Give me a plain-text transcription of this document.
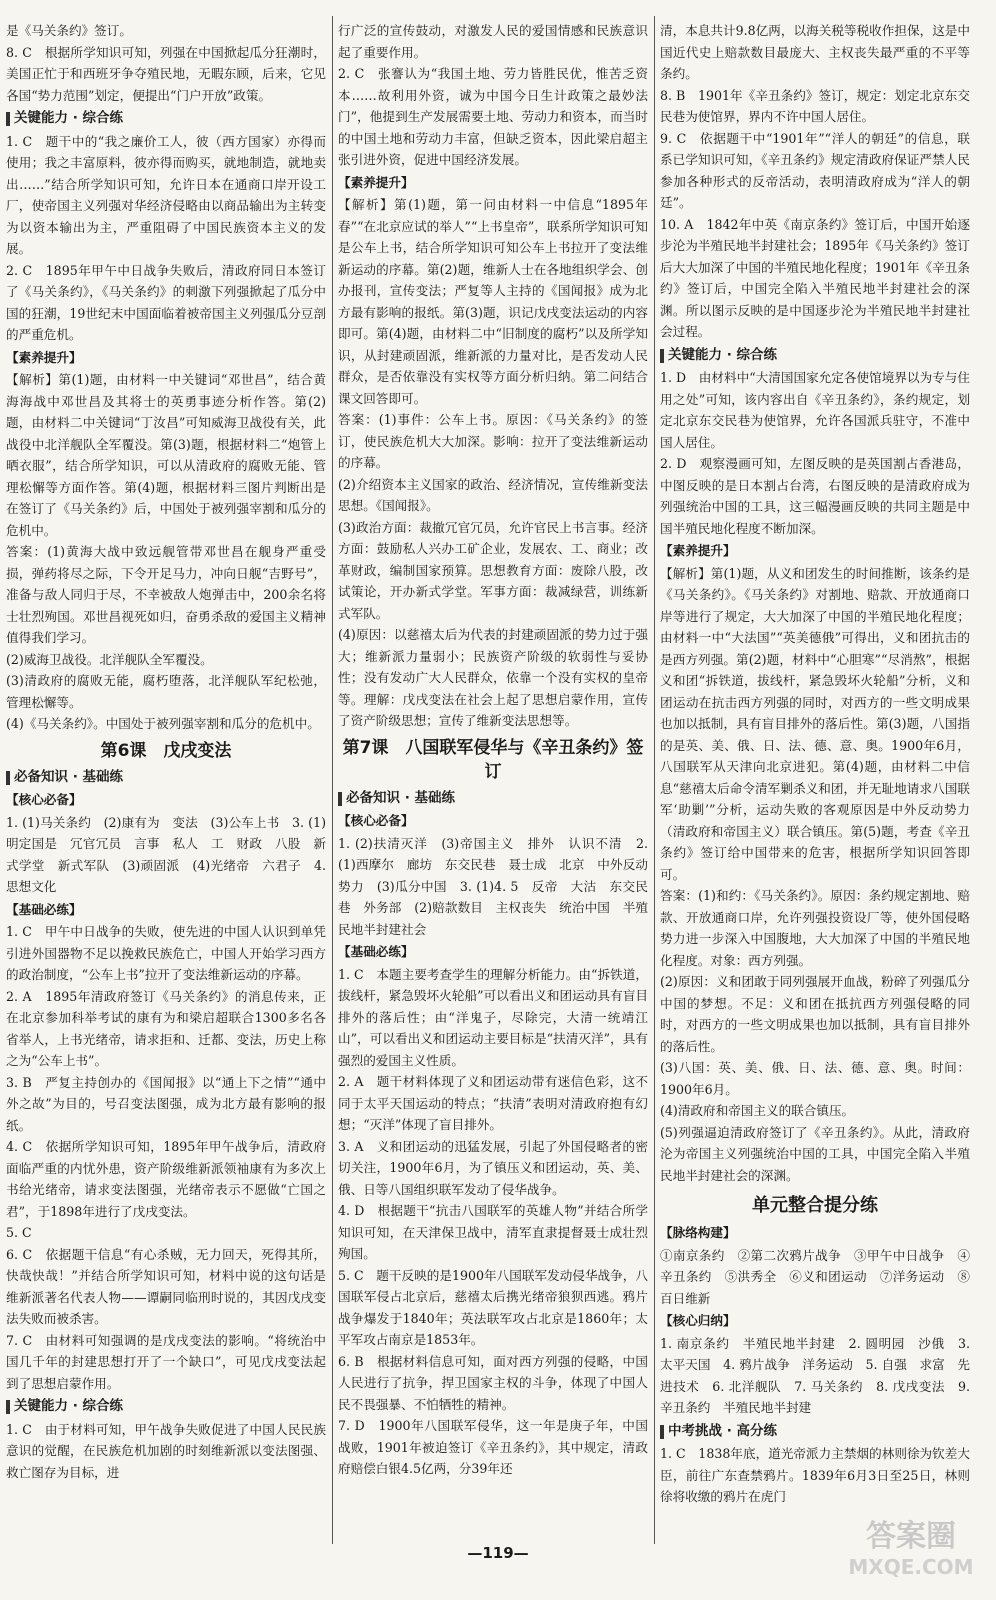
是《马关条约》签订。
8. C　根据所学知识可知，列强在中国掀起瓜分狂潮时，美国正忙于和西班牙争夺殖民地，无暇东顾，后来，它见各国“势力范围”划定，便提出“门户开放”政策。
关键能力 · 综合练
1. C　题干中的“我之廉价工人，彼（西方国家）亦得而使用；我之丰富原料，彼亦得而购买，就地制造，就地卖出……”结合所学知识可知，允许日本在通商口岸开设工厂，使帝国主义列强对华经济侵略由以商品输出为主转变为以资本输出为主，严重阻碍了中国民族资本主义的发展。
2. C　1895年甲午中日战争失败后，清政府同日本签订了《马关条约》，《马关条约》的刺激下列强掀起了瓜分中国的狂潮，19世纪末中国面临着被帝国主义列强瓜分豆剖的严重危机。
【素养提升】
【解析】第(1)题，由材料一中关键词“邓世昌”，结合黄海海战中邓世昌及其将士的英勇事迹分析作答。第(2)题，由材料二中关键词“丁汝昌”可知威海卫战役有关，此战役中北洋舰队全军覆没。第(3)题，根据材料二“炮管上晒衣服”，结合所学知识，可以从清政府的腐败无能、管理松懈等方面作答。第(4)题，根据材料三图片判断出是在签订了《马关条约》后，中国处于被列强宰割和瓜分的危机中。
答案：(1)黄海大战中致远舰管带邓世昌在舰身严重受损，弹药将尽之际，下令开足马力，冲向日舰“吉野号”，准备与敌人同归于尽，不幸被敌人炮弹击中，200余名将士壮烈殉国。邓世昌视死如归，奋勇杀敌的爱国主义精神值得我们学习。
(2)威海卫战役。北洋舰队全军覆没。
(3)清政府的腐败无能，腐朽堕落，北洋舰队军纪松弛，管理松懈等。
(4)《马关条约》。中国处于被列强宰割和瓜分的危机中。
第6课　戊戌变法
必备知识 · 基础练
【核心必备】
1. (1)马关条约　(2)康有为　变法　(3)公车上书　3. (1)明定国是　冗官冗员　言事　私人　工　财政　八股　新式学堂　新式军队　(3)顽固派　(4)光绪帝　六君子　4. 思想文化
【基础必练】
1. C　甲午中日战争的失败，使先进的中国人认识到单凭引进外国器物不足以挽救民族危亡，中国人开始学习西方的政治制度，“公车上书”拉开了变法维新运动的序幕。
2. A　1895年清政府签订《马关条约》的消息传来，正在北京参加科举考试的康有为和梁启超联合1300多名各省举人，上书光绪帝，请求拒和、迁都、变法，历史上称之为“公车上书”。
3. B　严复主持创办的《国闻报》以“通上下之情”“通中外之故”为目的，号召变法图强，成为北方最有影响的报纸。
4. C　依据所学知识可知，1895年甲午战争后，清政府面临严重的内忧外患，资产阶级维新派领袖康有为多次上书给光绪帝，请求变法图强，光绪帝表示不愿做“亡国之君”，于1898年进行了戊戌变法。
5. C
6. C　依据题干信息“有心杀贼，无力回天，死得其所，快哉快哉！”并结合所学知识可知，材料中说的这句话是维新派著名代表人物——谭嗣同临刑时说的，其因戊戌变法失败而被杀害。
7. C　由材料可知强调的是戊戌变法的影响。“将统治中国几千年的封建思想打开了一个缺口”，可见戊戌变法起到了思想启蒙作用。
关键能力 · 综合练
1. C　由于材料可知，甲午战争失败促进了中国人民民族意识的觉醒，在民族危机加剧的时刻维新派以变法图强、救亡图存为目标，进
行广泛的宣传鼓动，对激发人民的爱国情感和民族意识起了重要作用。
2. C　张謇认为“我国土地、劳力皆胜民优，惟苦乏资本……故利用外资，诚为中国今日生计政策之最妙法门”，他提到生产发展需要土地、劳动力和资本，而当时的中国土地和劳动力丰富，但缺乏资本，因此梁启超主张引进外资，促进中国经济发展。
【素养提升】
【解析】第(1)题，第一问由材料一中信息“1895年春”“在北京应试的举人”“上书皇帝”，联系所学知识可知是公车上书，结合所学知识可知公车上书拉开了变法维新运动的序幕。第(2)题，维新人士在各地组织学会、创办报刊，宣传变法；严复等人主持的《国闻报》成为北方最有影响的报纸。第(3)题，识记戊戌变法运动的内容即可。第(4)题，由材料二中“旧制度的腐朽”以及所学知识，从封建顽固派，维新派的力量对比，是否发动人民群众，是否依靠没有实权等方面分析归纳。第二问结合课文回答即可。
答案：(1)事件：公车上书。原因：《马关条约》的签订，使民族危机大大加深。影响：拉开了变法维新运动的序幕。
(2)介绍资本主义国家的政治、经济情况，宣传维新变法思想。《国闻报》。
(3)政治方面：裁撤冗官冗员，允许官民上书言事。经济方面：鼓励私人兴办工矿企业，发展农、工、商业；改革财政，编制国家预算。思想教育方面：废除八股，改试策论，开办新式学堂。军事方面：裁减绿营，训练新式军队。
(4)原因：以慈禧太后为代表的封建顽固派的势力过于强大；维新派力量弱小；民族资产阶级的软弱性与妥协性；没有发动广大人民群众，依靠一个没有实权的皇帝等。理解：戊戌变法在社会上起了思想启蒙作用，宣传了资产阶级思想；宣传了维新变法思想等。
第7课　八国联军侵华与《辛丑条约》签订
必备知识 · 基础练
【核心必备】
1. (2)扶清灭洋　(3)帝国主义　排外　认识不清　2. (1)西摩尔　廊坊　东交民巷　聂士成　北京　中外反动势力　(3)瓜分中国　3. (1)4. 5　反帝　大沽　东交民巷　外务部　(2)赔款数目　主权丧失　统治中国　半殖民地半封建社会
【基础必练】
1. C　本题主要考查学生的理解分析能力。由“拆铁道，拔线杆，紧急毁坏火轮船”可以看出义和团运动具有盲目排外的落后性；由“洋鬼子，尽除完，大清一统靖江山”，可以看出义和团运动主要目标是“扶清灭洋”，具有强烈的爱国主义性质。
2. A　题干材料体现了义和团运动带有迷信色彩，这不同于太平天国运动的特点；“扶清”表明对清政府抱有幻想；“灭洋”体现了盲目排外。
3. A　义和团运动的迅猛发展，引起了外国侵略者的密切关注，1900年6月，为了镇压义和团运动，英、美、俄、日等八国组织联军发动了侵华战争。
4. D　根据题干“抗击八国联军的英雄人物”并结合所学知识可知，在天津保卫战中，清军直隶提督聂士成壮烈殉国。
5. C　题干反映的是1900年八国联军发动侵华战争，八国联军侵占北京后，慈禧太后携光绪帝狼狈西逃。鸦片战争爆发于1840年；英法联军攻占北京是1860年；太平军攻占南京是1853年。
6. B　根据材料信息可知，面对西方列强的侵略，中国人民进行了抗争，捍卫国家主权的斗争，体现了中国人民不畏强暴、不怕牺牲的精神。
7. D　1900年八国联军侵华，这一年是庚子年，中国战败，1901年被迫签订《辛丑条约》，其中规定，清政府赔偿白银4.5亿两，分39年还
清，本息共计9.8亿两，以海关税等税收作担保，这是中国近代史上赔款数目最庞大、主权丧失最严重的不平等条约。
8. B　1901年《辛丑条约》签订，规定：划定北京东交民巷为使馆界，界内不许中国人居住。
9. C　依据题干中“1901年”“洋人的朝廷”的信息，联系已学知识可知，《辛丑条约》规定清政府保证严禁人民参加各种形式的反帝活动，表明清政府成为“洋人的朝廷”。
10. A　1842年中英《南京条约》签订后，中国开始逐步沦为半殖民地半封建社会；1895年《马关条约》签订后大大加深了中国的半殖民地化程度；1901年《辛丑条约》签订后，中国完全陷入半殖民地半封建社会的深渊。所以图示反映的是中国逐步沦为半殖民地半封建社会过程。
关键能力 · 综合练
1. D　由材料中“大清国国家允定各使馆境界以为专与住用之处”可知，该内容出自《辛丑条约》，条约规定，划定北京东交民巷为使馆界，允许各国派兵驻守，不准中国人居住。
2. D　观察漫画可知，左图反映的是英国割占香港岛，中图反映的是日本割占台湾，右图反映的是清政府成为列强统治中国的工具，这三幅漫画反映的共同主题是中国半殖民地化程度不断加深。
【素养提升】
【解析】第(1)题，从义和团发生的时间推断，该条约是《马关条约》。《马关条约》对割地、赔款、开放通商口岸等进行了规定，大大加深了中国的半殖民地化程度；由材料一中“大法国”“英美德俄”可得出，义和团抗击的是西方列强。第(2)题，材料中“心胆寒”“尽消熬”，根据义和团“拆铁道，拔线杆，紧急毁坏火轮船”分析，义和团运动在抗击西方列强的同时，对西方的一些文明成果也加以抵制，具有盲目排外的落后性。第(3)题，八国指的是英、美、俄、日、法、德、意、奥。1900年6月，八国联军从天津向北京进犯。第(4)题，由材料二中信息“慈禧太后命令清军剿杀义和团，并无耻地请求八国联军‘助剿’”分析，运动失败的客观原因是中外反动势力（清政府和帝国主义）联合镇压。第(5)题，考查《辛丑条约》签订给中国带来的危害，根据所学知识回答即可。
答案：(1)和约：《马关条约》。原因：条约规定割地、赔款、开放通商口岸，允许列强投资设厂等，使外国侵略势力进一步深入中国腹地，大大加深了中国的半殖民地化程度。对象：西方列强。
(2)原因：义和团敢于同列强展开血战，粉碎了列强瓜分中国的梦想。不足：义和团在抵抗西方列强侵略的同时，对西方的一些文明成果也加以抵制，具有盲目排外的落后性。
(3)八国：英、美、俄、日、法、德、意、奥。时间：1900年6月。
(4)清政府和帝国主义的联合镇压。
(5)列强逼迫清政府签订了《辛丑条约》。从此，清政府沦为帝国主义列强统治中国的工具，中国完全陷入半殖民地半封建社会的深渊。
单元整合提分练
【脉络构建】
①南京条约　②第二次鸦片战争　③甲午中日战争　④辛丑条约　⑤洪秀全　⑥义和团运动　⑦洋务运动　⑧百日维新
【核心归纳】
1. 南京条约　半殖民地半封建　2. 圆明园　沙俄　3. 太平天国　4. 鸦片战争　洋务运动　5. 自强　求富　先进技术　6. 北洋舰队　7. 马关条约　8. 戊戌变法　9. 辛丑条约　半殖民地半封建
中考挑战 · 高分练
1. C　1838年底，道光帝派力主禁烟的林则徐为钦差大臣，前往广东查禁鸦片。1839年6月3日至25日，林则徐将收缴的鸦片在虎门
—119—	答案圈
MXQE.COM
